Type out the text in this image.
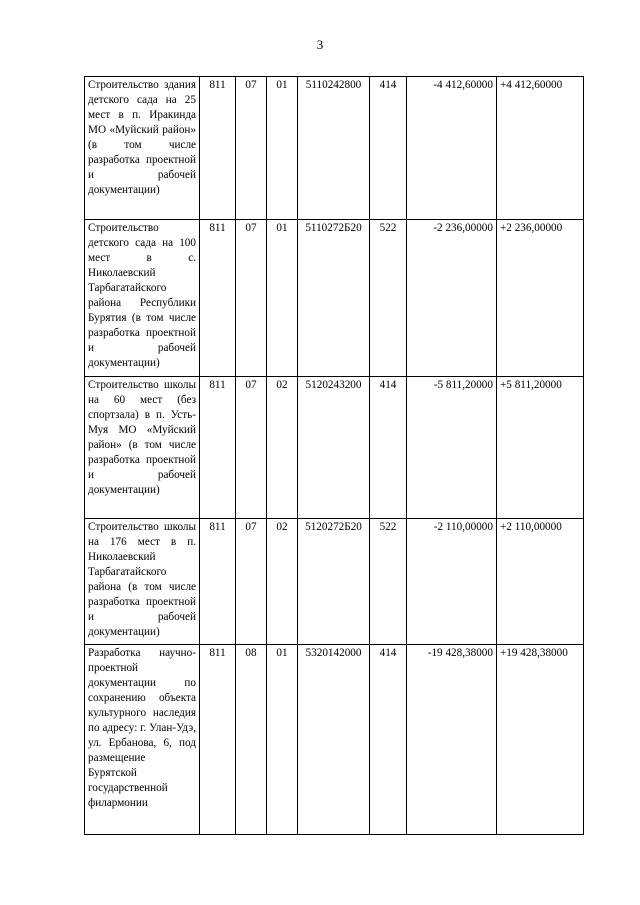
3
Строительство здания детского сада на 25 мест в п. Иракинда МО «Муйский район» (в том числе разработка проектной и рабочей документации)	811	07	01	5110242800	414	-4 412,60000	+4 412,60000
Строительство детского сада на 100 мест в с. Николаевский Тарбагатайского района Республики Бурятия (в том числе разработка проектной и рабочей документации)	811	07	01	5110272Б20	522	-2 236,00000	+2 236,00000
Строительство школы на 60 мест (без спортзала) в п. Усть-Муя МО «Муйский район» (в том числе разработка проектной и рабочей документации)	811	07	02	5120243200	414	-5 811,20000	+5 811,20000
Строительство школы на 176 мест в п. Николаевский Тарбагатайского района (в том числе разработка проектной и рабочей документации)	811	07	02	5120272Б20	522	-2 110,00000	+2 110,00000
Разработка научно-проектной документации по сохранению объекта культурного наследия по адресу: г. Улан-Удэ, ул. Ербанова, 6, под размещение Бурятской государственной филармонии	811	08	01	5320142000	414	-19 428,38000	+19 428,38000
